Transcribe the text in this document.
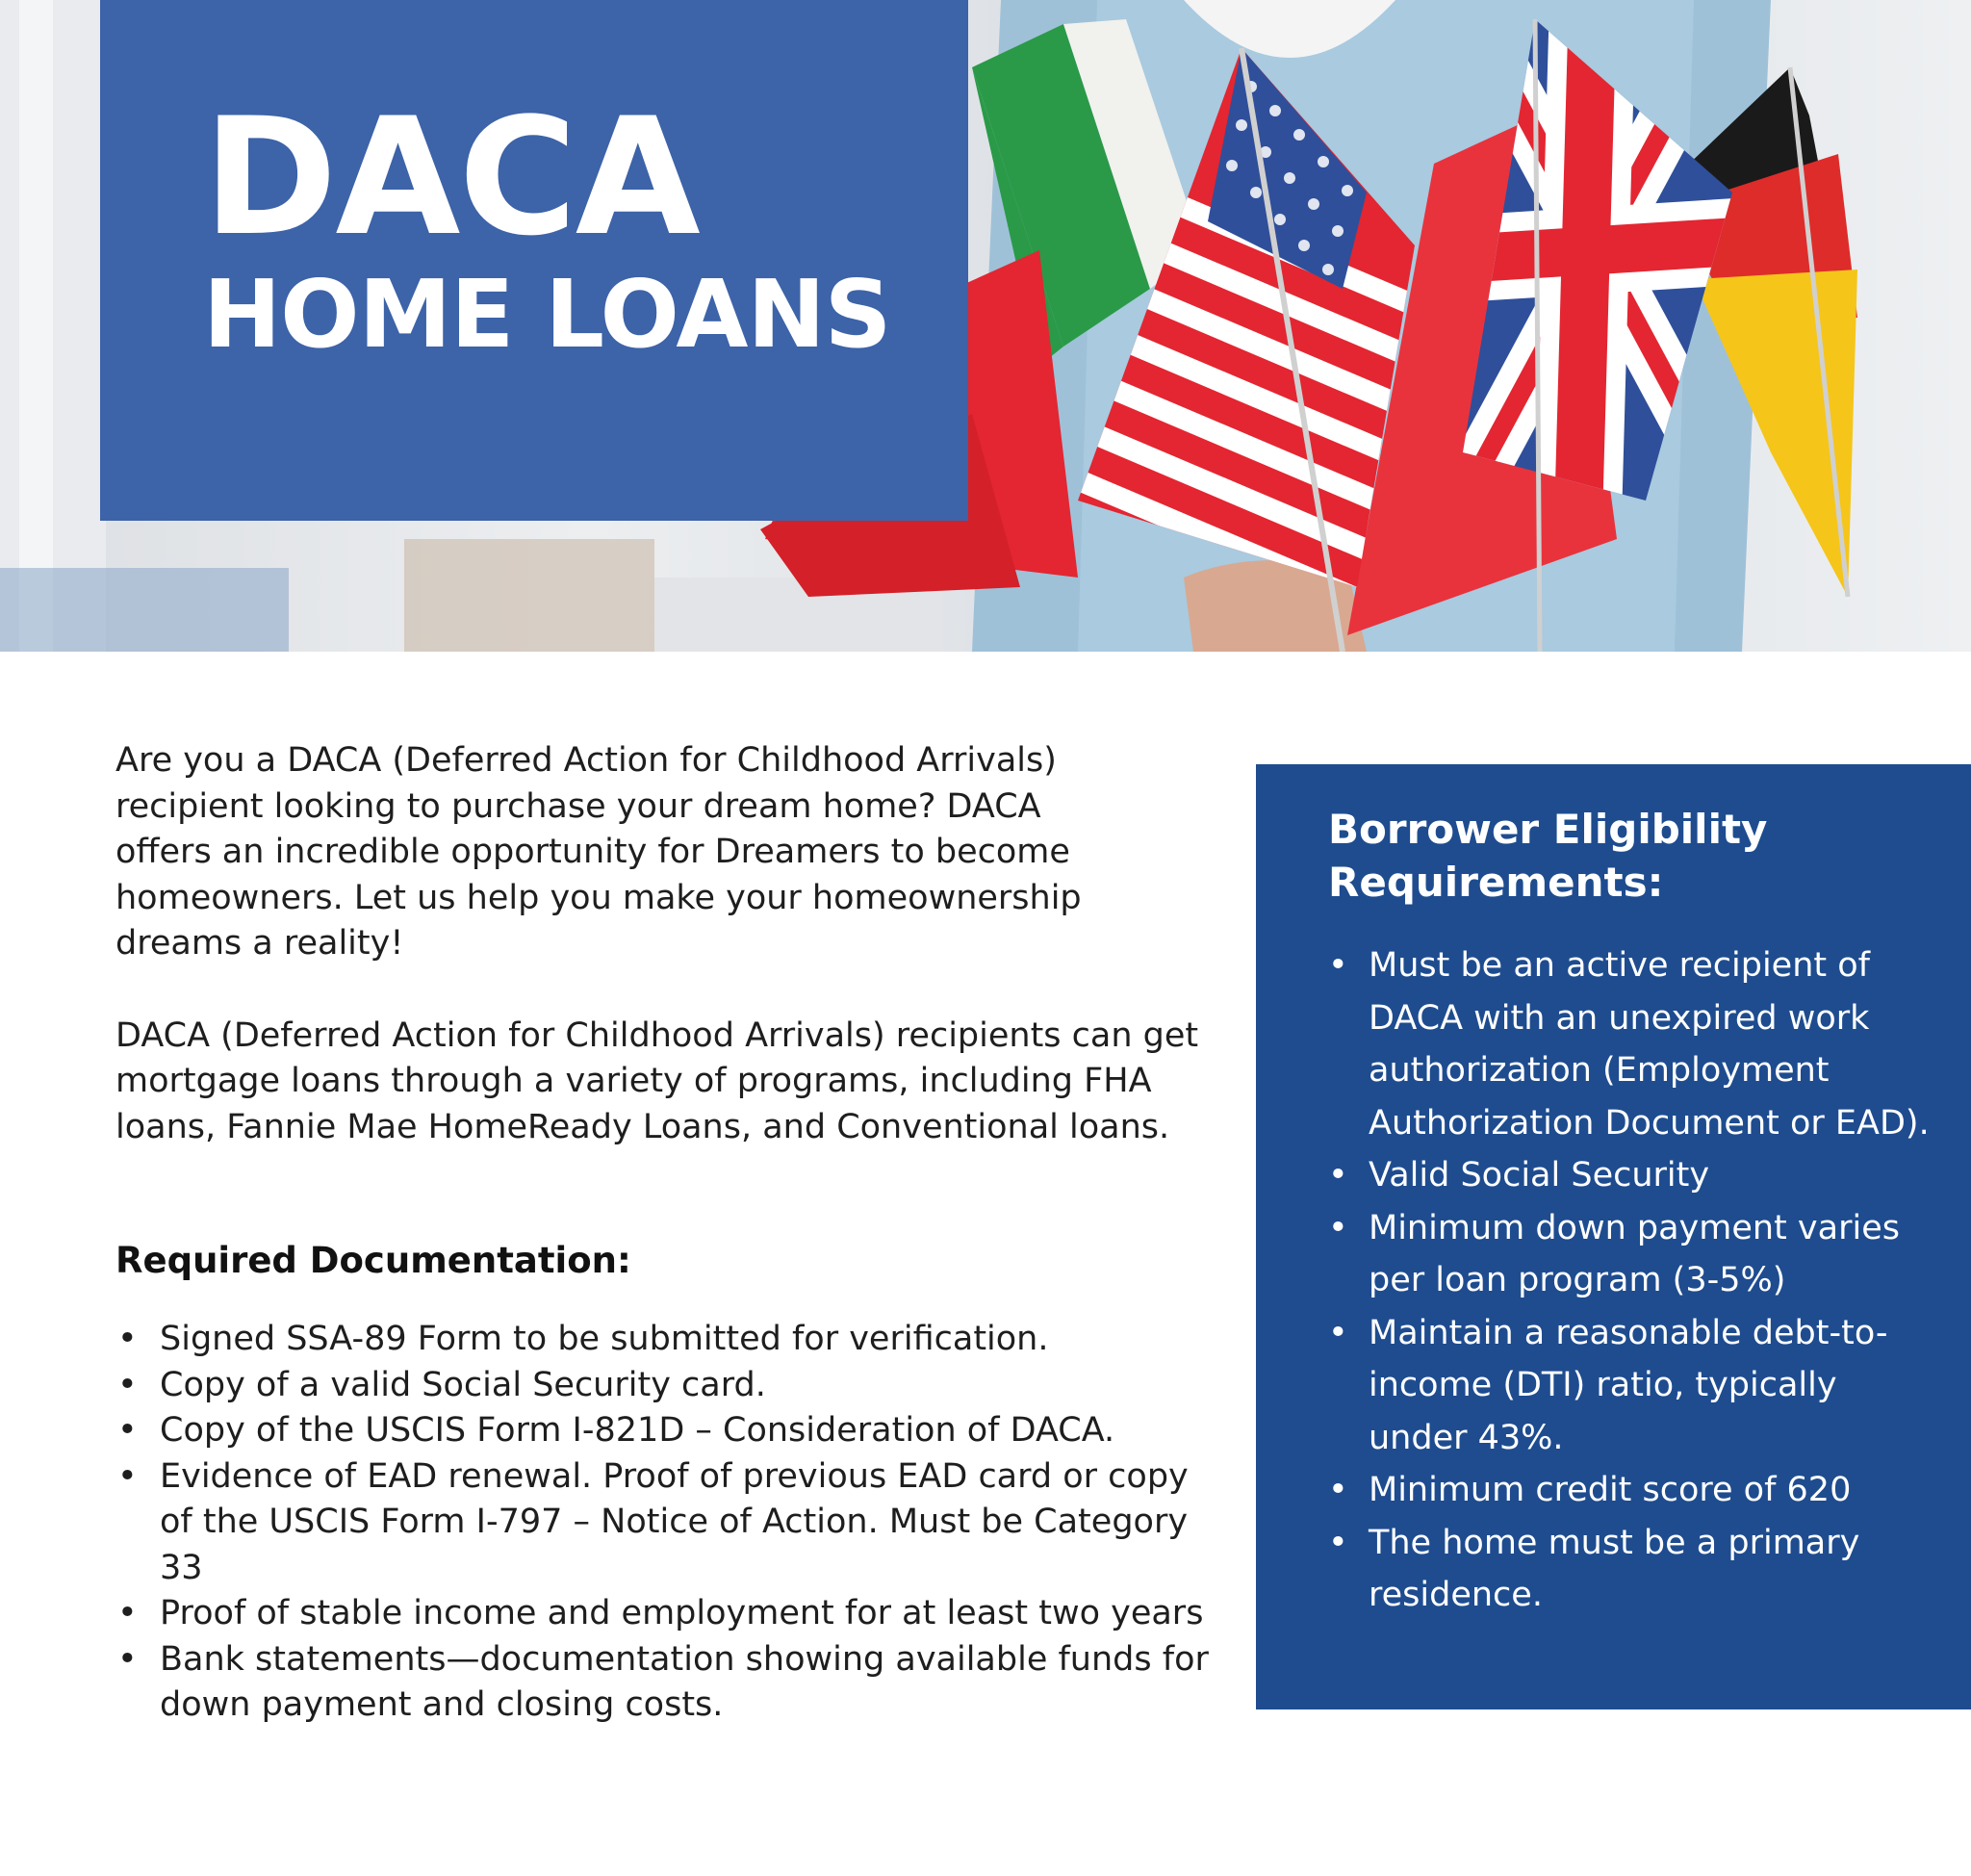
DACA
HOME LOANS

Are you a DACA (Deferred Action for Childhood Arrivals) recipient looking to purchase your dream home? DACA offers an incredible opportunity for Dreamers to become homeowners. Let us help you make your homeownership dreams a reality!

DACA (Deferred Action for Childhood Arrivals) recipients can get mortgage loans through a variety of programs, including FHA loans, Fannie Mae HomeReady Loans, and Conventional loans.

Required Documentation:
• Signed SSA-89 Form to be submitted for verification.
• Copy of a valid Social Security card.
• Copy of the USCIS Form I-821D – Consideration of DACA.
• Evidence of EAD renewal. Proof of previous EAD card or copy of the USCIS Form I-797 – Notice of Action. Must be Category 33
• Proof of stable income and employment for at least two years
• Bank statements—documentation showing available funds for down payment and closing costs.
Borrower Eligibility Requirements:
• Must be an active recipient of DACA with an unexpired work authorization (Employment Authorization Document or EAD).
• Valid Social Security
• Minimum down payment varies per loan program (3-5%)
• Maintain a reasonable debt-to-income (DTI) ratio, typically under 43%.
• Minimum credit score of 620
• The home must be a primary residence.
